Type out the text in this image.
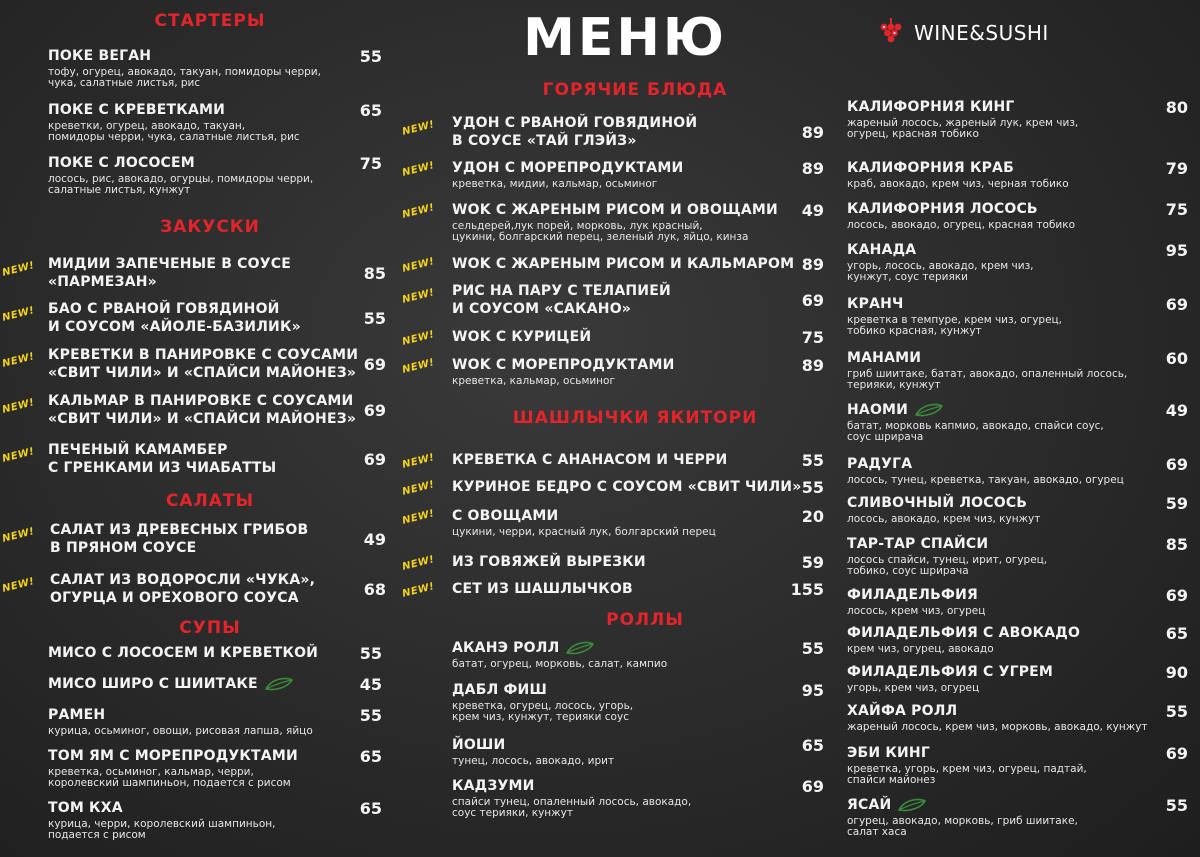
МЕНЮ	WINE&SUSHI
СТАРТЕРЫ
ПОКЕ ВЕГАН
тофу, огурец, авокадо, такуан, помидоры черри,
чука, салатные листья, рис
55
ПОКЕ С КРЕВЕТКАМИ
креветки, огурец, авокадо, такуан,
помидоры черри, чука, салатные листья, рис
65
ПОКЕ С ЛОСОСЕМ
лосось, рис, авокадо, огурцы, помидоры черри,
салатные листья, кунжут
75
ЗАКУСКИ
МИДИИ ЗАПЕЧЕНЫЕ В СОУСЕ
«ПАРМЕЗАН»	85
NEW!
БАО С РВАНОЙ ГОВЯДИНОЙ
И СОУСОМ «АЙОЛЕ-БАЗИЛИК»	55
NEW!
КРЕВЕТКИ В ПАНИРОВКЕ С СОУСАМИ
«СВИТ ЧИЛИ» И «СПАЙСИ МАЙОНЕЗ» 69
NEW!
КАЛЬМАР В ПАНИРОВКЕ С СОУСАМИ
«СВИТ ЧИЛИ» И «СПАЙСИ МАЙОНЕЗ» 69
NEW!
ПЕЧЕНЫЙ КАМАМБЕР
С ГРЕНКАМИ ИЗ ЧИАБАТТЫ	69
NEW!
САЛАТЫ
САЛАТ ИЗ ДРЕВЕСНЫХ ГРИБОВ
В ПРЯНОМ СОУСЕ	49
NEW!
САЛАТ ИЗ ВОДОРОСЛИ «ЧУКА»,
ОГУРЦА И ОРЕХОВОГО СОУСА	68
NEW!
СУПЫ
МИСО С ЛОСОСЕМ И КРЕВЕТКОЙ	55
МИСО ШИРО С ШИИТАКЕ	45
РАМЕН
курица, осьминог, овощи, рисовая лапша, яйцо
55
ТОМ ЯМ С МОРЕПРОДУКТАМИ
креветка, осьминог, кальмар, черри,
королевский шампиньон, подается с рисом
65
ТОМ КХА
курица, черри, королевский шампиньон,
подается с рисом
65
ГОРЯЧИЕ БЛЮДА
УДОН С РВАНОЙ ГОВЯДИНОЙ
В СОУСЕ «ТАЙ ГЛЭЙЗ»	89
NEW!
УДОН С МОРЕПРОДУКТАМИ
креветка, мидии, кальмар, осьминог
89
NEW!
WOK С ЖАРЕНЫМ РИСОМ И ОВОЩАМИ
сельдерей,лук порей, морковь, лук красный,
цукини, болгарский перец, зеленый лук, яйцо, кинза
49
NEW!
WOK С ЖАРЕНЫМ РИСОМ И КАЛЬМАРОМ 89
NEW!
РИС НА ПАРУ С ТЕЛАПИЕЙ
И СОУСОМ «САКАНО»	69
NEW!
WOK С КУРИЦЕЙ	75
NEW!
WOK С МОРЕПРОДУКТАМИ
креветка, кальмар, осьминог
89
NEW!
ШАШЛЫЧКИ ЯКИТОРИ
КРЕВЕТКА С АНАНАСОМ И ЧЕРРИ	55
NEW!
КУРИНОЕ БЕДРО С СОУСОМ «СВИТ ЧИЛИ» 55
NEW!
С ОВОЩАМИ
цукини, черри, красный лук, болгарский перец
20
NEW!
ИЗ ГОВЯЖЕЙ ВЫРЕЗКИ	59
NEW!
СЕТ ИЗ ШАШЛЫЧКОВ	155
NEW!
РОЛЛЫ
АКАНЭ РОЛЛ
батат, огурец, морковь, салат, кампио
55
ДАБЛ ФИШ
креветка, огурец, лосось, угорь,
крем чиз, кунжут, терияки соус
95
ЙОШИ
тунец, лосось, авокадо, ирит
65
КАДЗУМИ
спайси тунец, опаленный лосось, авокадо,
соус терияки, кунжут
69
КАЛИФОРНИЯ КИНГ
жареный лосось, жареный лук, крем чиз,
огурец, красная тобико
80
КАЛИФОРНИЯ КРАБ
краб, авокадо, крем чиз, черная тобико
79
КАЛИФОРНИЯ ЛОСОСЬ
лосось, авокадо, огурец, красная тобико
75
КАНАДА
угорь, лосось, авокадо, крем чиз,
кунжут, соус терияки
95
КРАНЧ
креветка в темпуре, крем чиз, огурец,
тобико красная, кунжут
69
МАНАМИ
гриб шиитаке, батат, авокадо, опаленный лосось,
терияки, кунжут
60
НАОМИ
батат, морковь капмио, авокадо, спайси соус,
соус шрирача
49
РАДУГА
лосось, тунец, креветка, такуан, авокадо, огурец
69
СЛИВОЧНЫЙ ЛОСОСЬ
лосось, авокадо, крем чиз, кунжут
59
ТАР-ТАР СПАЙСИ
лосось спайси, тунец, ирит, огурец,
тобико, соус шрирача
85
ФИЛАДЕЛЬФИЯ
лосось, крем чиз, огурец
69
ФИЛАДЕЛЬФИЯ С АВОКАДО
крем чиз, огурец, авокадо
65
ФИЛАДЕЛЬФИЯ С УГРЕМ
угорь, крем чиз, огурец
90
ХАЙФА РОЛЛ
жареный лосось, крем чиз, морковь, авокадо, кунжут
55
ЭБИ КИНГ
креветка, угорь, крем чиз, огурец, падтай,
спайси майонез
69
ЯСАЙ
огурец, авокадо, морковь, гриб шиитаке,
салат хаса
55
